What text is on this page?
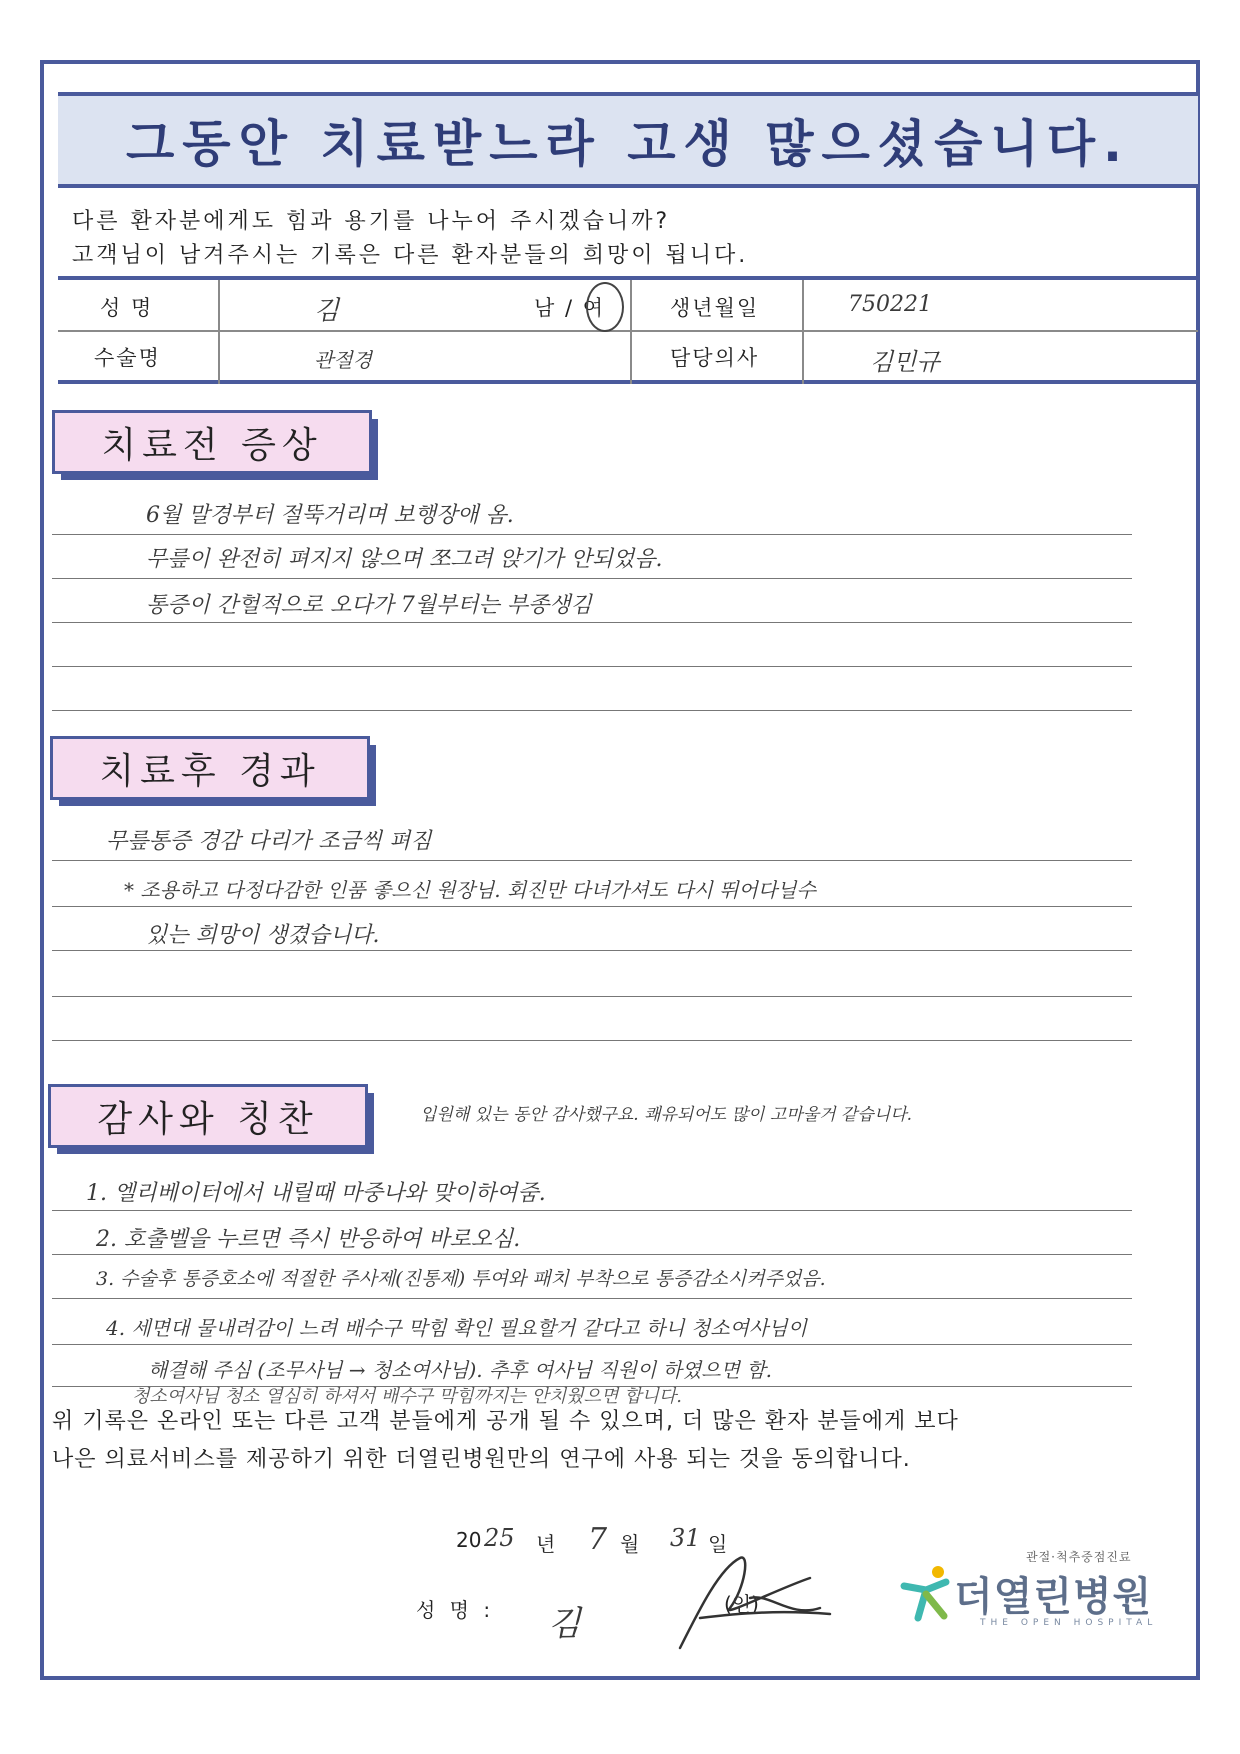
그동안 치료받느라 고생 많으셨습니다.
다른 환자분에게도 힘과 용기를 나누어 주시겠습니까?
고객님이 남겨주시는 기록은 다른 환자분들의 희망이 됩니다.
성 명	김	남 / 여	생년월일	750221
수술명	관절경	담당의사	김민규
치료전 증상
6월 말경부터 절뚝거리며 보행장애 옴.
무릎이 완전히 펴지지 않으며 쪼그려 앉기가 안되었음.
통증이 간헐적으로 오다가 7월부터는 부종생김
치료후 경과
무릎통증 경감 다리가 조금씩 펴짐
* 조용하고 다정다감한 인품 좋으신 원장님. 회진만 다녀가셔도 다시 뛰어다닐수
있는 희망이 생겼습니다.
감사와 칭찬	입원해 있는 동안 감사했구요. 쾌유되어도 많이 고마울거 같습니다.
1. 엘리베이터에서 내릴때 마중나와 맞이하여줌.
2. 호출벨을 누르면 즉시 반응하여 바로오심.
3. 수술후 통증호소에 적절한 주사제(진통제) 투여와 패치 부착으로 통증감소시켜주었음.
4. 세면대 물내려감이 느려 배수구 막힘 확인 필요할거 같다고 하니 청소여사님이
해결해 주심 (조무사님 → 청소여사님). 추후 여사님 직원이 하였으면 함.
청소여사님 청소 열심히 하셔서 배수구 막힘까지는 안치웠으면 합니다.
위 기록은 온라인 또는 다른 고객 분들에게 공개 될 수 있으며, 더 많은 환자 분들에게 보다
나은 의료서비스를 제공하기 위한 더열린병원만의 연구에 사용 되는 것을 동의합니다.
20 25 년 7 월 31 일
성 명 : 김	(인)
관절·척추중점진료
더열린병원
THE OPEN HOSPITAL
